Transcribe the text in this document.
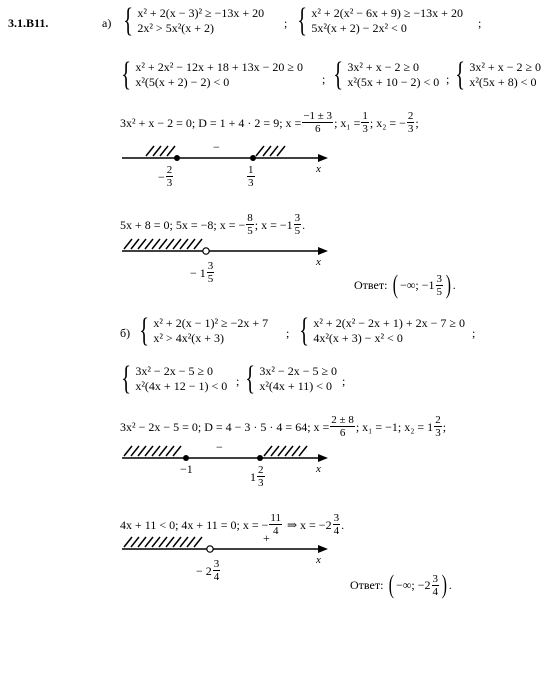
3.1.B11.	а) { x² + 2(x − 3)² ≥ −13x + 20
2x² > 5x²(x + 2)	; { x² + 2(x² − 6x + 9) ≥ −13x + 20
5x²(x + 2) − 2x² < 0	;
{ x² + 2x² − 12x + 18 + 13x − 20 ≥ 0
x²(5(x + 2) − 2) < 0	; { 3x² + x − 2 ≥ 0
x²(5x + 10 − 2) < 0 ; { 3x² + x − 2 ≥ 0
x²(5x + 8) < 0
3x² + x − 2 = 0; D = 1 + 4 · 2 = 9; $x = \frac{-1 \pm 3}{6}$ ; $x_1 = \frac{1}{3}$ ; x₂ = − $\frac{2}{3}$ ;
−
x
− $\frac{2}{3}$	$\frac{1}{3}$
5x + 8 = 0; 5x = −8; x = − $\frac{8}{5}$ ; $x = -1 \frac{3}{5}$ .
x
− $1 \frac{3}{5}$	Ответ: ( −∞; $-1 \frac{3}{5}$ ) .
б) { x² + 2(x − 1)² ≥ −2x + 7
x² > 4x²(x + 3)	; { x² + 2(x² − 2x + 1) + 2x − 7 ≥ 0
4x²(x + 3) − x² < 0	;
{ 3x² − 2x − 5 ≥ 0
x²(4x + 12 − 1) < 0 ; { 3x² − 2x − 5 ≥ 0
x²(4x + 11) < 0 ;
3x² − 2x − 5 = 0; D = 4 − 3 · 5 · 4 = 64; $x = \frac{2 \pm 8}{6}$ ; x₁ = −1; $x_2 = 1 \frac{2}{3}$ ;
−
x
−1
$1 \frac{2}{3}$
4x + 11 < 0; 4x + 11 = 0; x = − $\frac{11}{4}$ ⇒ $x = -2 \frac{3}{4}$ .
+
x
− $2 \frac{3}{4}$
Ответ: ( −∞; $-2 \frac{3}{4}$ ) .
